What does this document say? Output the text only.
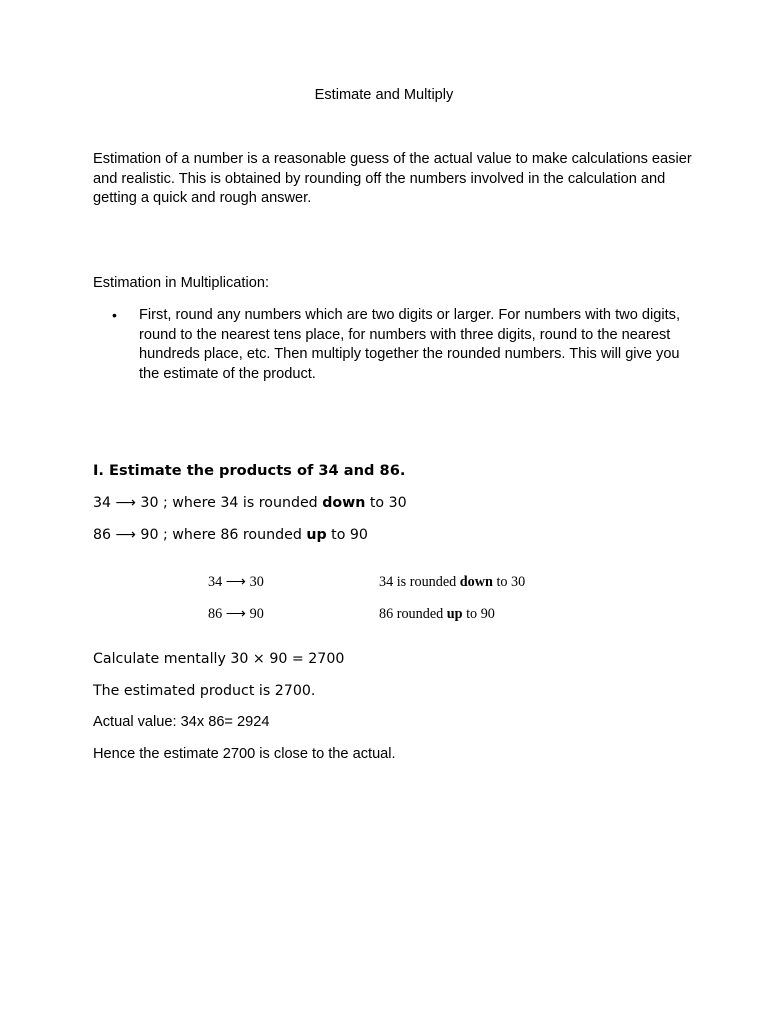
Estimate and Multiply
Estimation of a number is a reasonable guess of the actual value to make calculations easier and realistic. This is obtained by rounding off the numbers involved in the calculation and getting a quick and rough answer.
Estimation in Multiplication:
• First, round any numbers which are two digits or larger. For numbers with two digits, round to the nearest tens place, for numbers with three digits, round to the nearest hundreds place, etc. Then multiply together the rounded numbers. This will give you the estimate of the product.
I. Estimate the products of 34 and 86.
34 ⟶ 30 ; where 34 is rounded down to 30
86 ⟶ 90 ; where 86 rounded up to 90
34 ⟶ 30	34 is rounded down to 30
86 ⟶ 90	86 rounded up to 90
Calculate mentally 30 × 90 = 2700
The estimated product is 2700.
Actual value: 34x 86= 2924
Hence the estimate 2700 is close to the actual.
